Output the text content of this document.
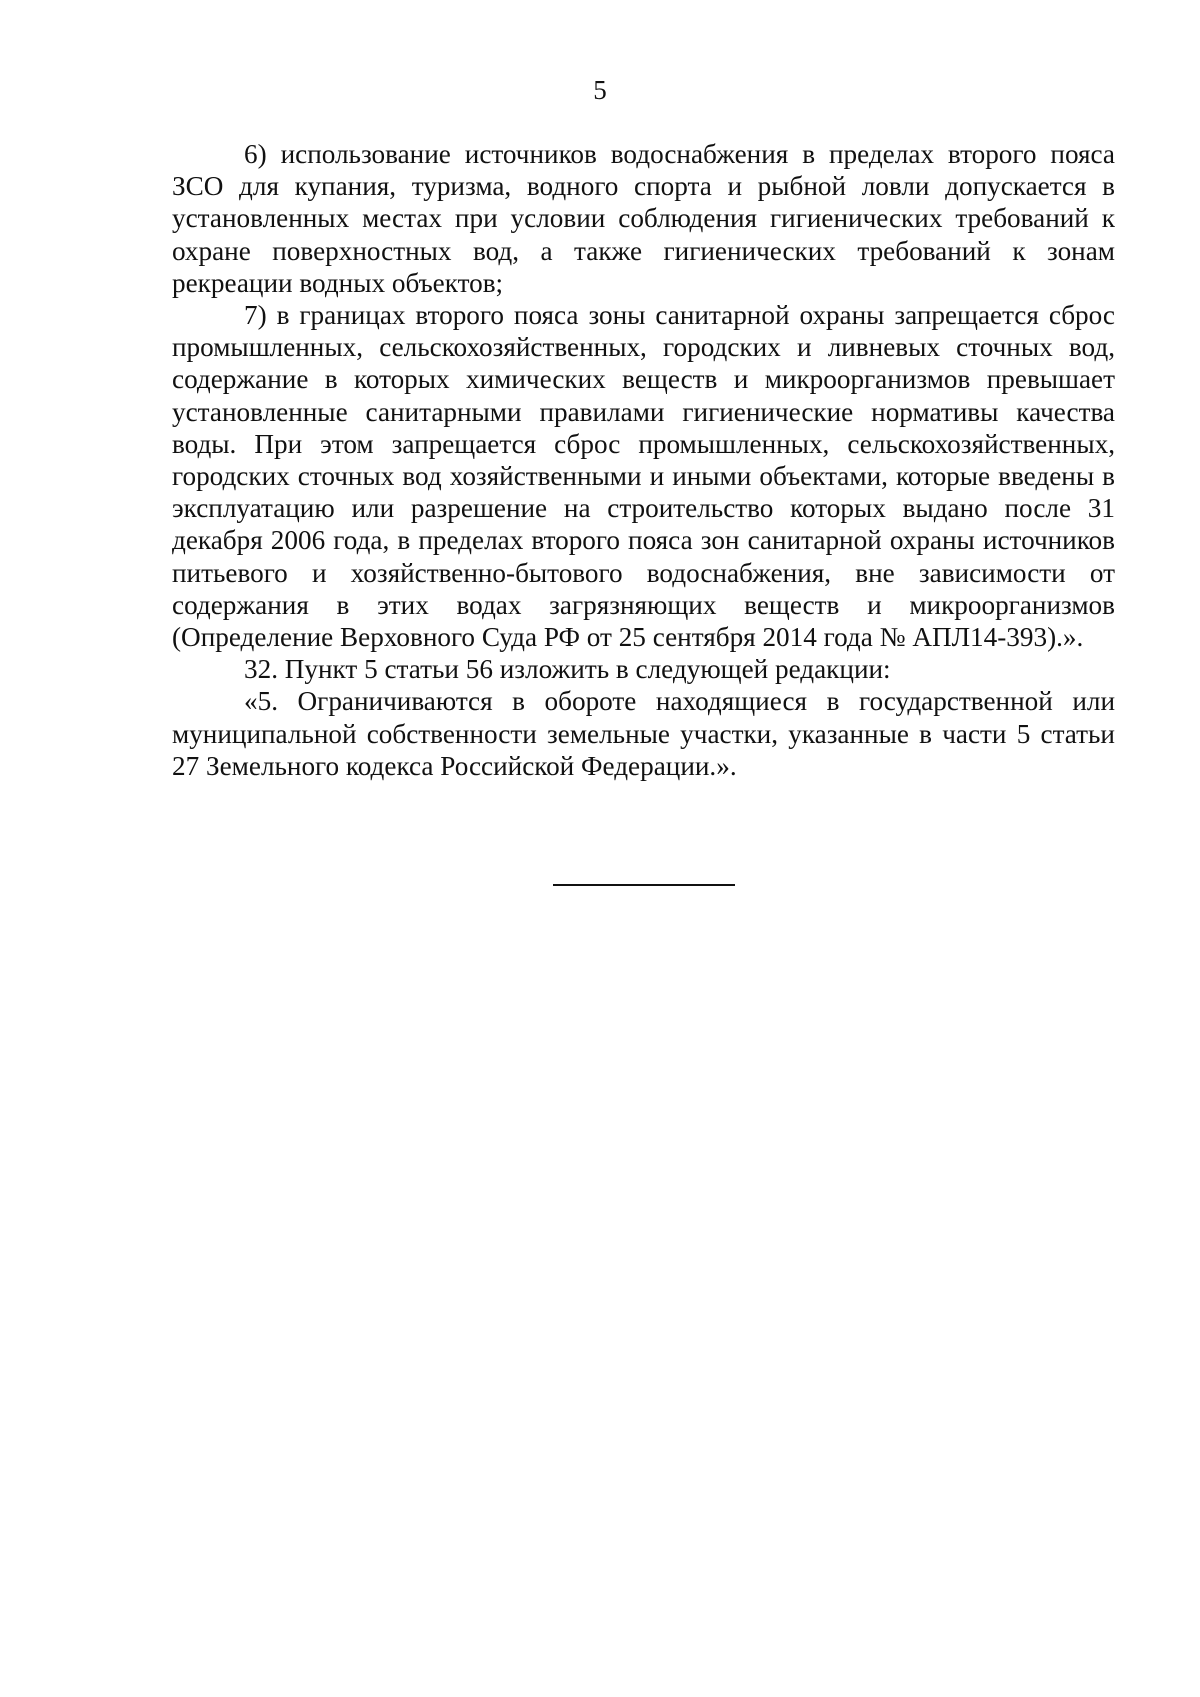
5

6) использование источников водоснабжения в пределах второго пояса ЗСО для купания, туризма, водного спорта и рыбной ловли допускается в установленных местах при условии соблюдения гигиенических требований к охране поверхностных вод, а также гигиенических требований к зонам рекреации водных объектов;

7) в границах второго пояса зоны санитарной охраны запрещается сброс промышленных, сельскохозяйственных, городских и ливневых сточных вод, содержание в которых химических веществ и микроорганизмов превышает установленные санитарными правилами гигиенические нормативы качества воды. При этом запрещается сброс промышленных, сельскохозяйственных, городских сточных вод хозяйственными и иными объектами, которые введены в эксплуатацию или разрешение на строительство которых выдано после 31 декабря 2006 года, в пределах второго пояса зон санитарной охраны источников питьевого и хозяйственно-бытового водоснабжения, вне зависимости от содержания в этих водах загрязняющих веществ и микроорганизмов (Определение Верховного Суда РФ от 25 сентября 2014 года № АПЛ14-393).».

32. Пункт 5 статьи 56 изложить в следующей редакции:

«5. Ограничиваются в обороте находящиеся в государственной или муниципальной собственности земельные участки, указанные в части 5 статьи 27 Земельного кодекса Российской Федерации.».
